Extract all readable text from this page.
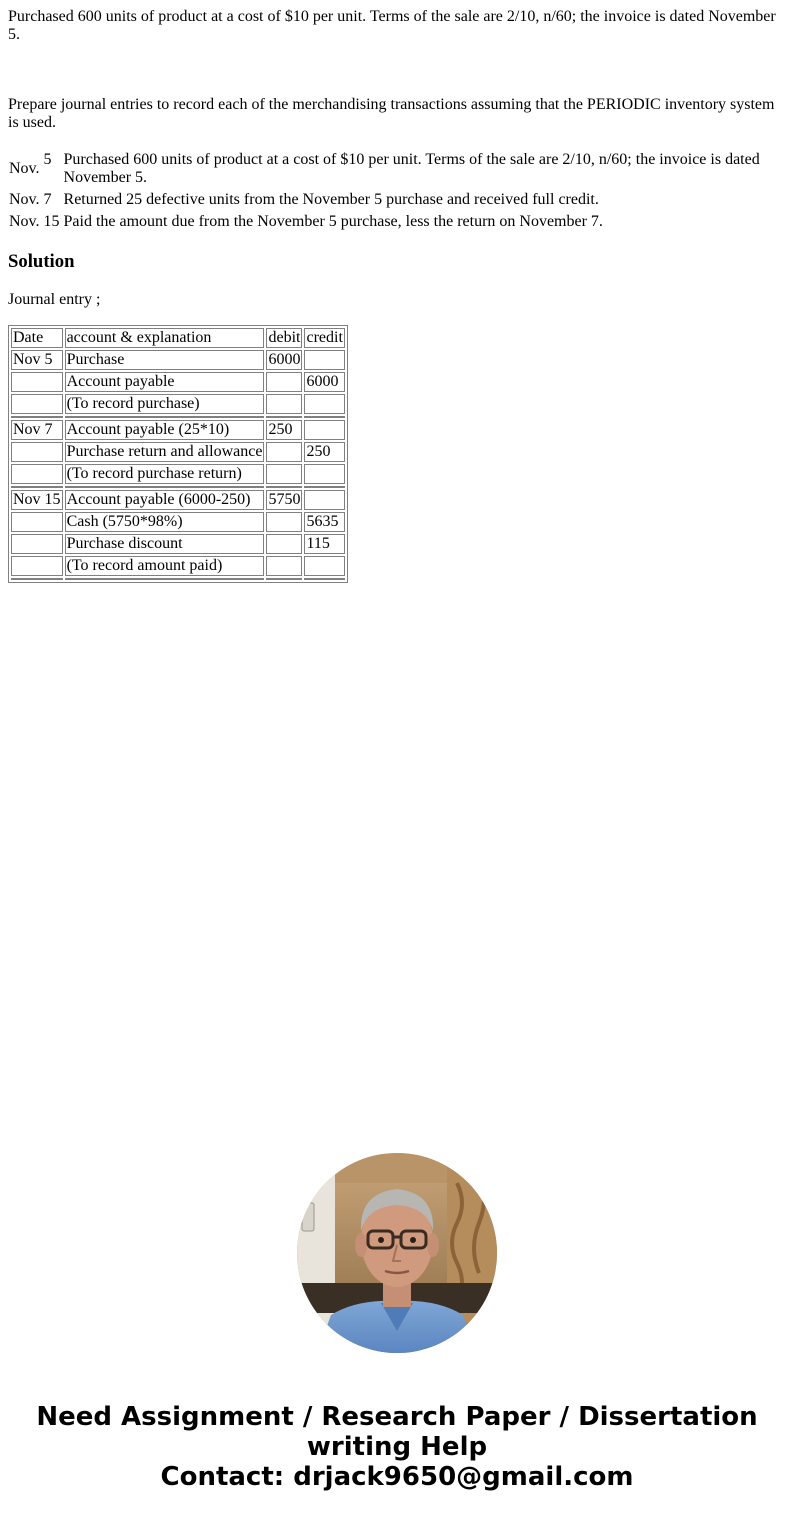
Purchased 600 units of product at a cost of $10 per unit. Terms of the sale are 2/10, n/60; the invoice is dated November 5.

Prepare journal entries to record each of the merchandising transactions assuming that the PERIODIC inventory system is used.

Nov.	5	Purchased 600 units of product at a cost of $10 per unit. Terms of the sale are 2/10, n/60; the invoice is dated November 5.
Nov.	7	Returned 25 defective units from the November 5 purchase and received full credit.
Nov.	15	Paid the amount due from the November 5 purchase, less the return on November 7.
Solution

Journal entry ;

Date	account & explanation	debit	credit
Nov 5	Purchase	6000	
	Account payable		6000
	(To record purchase)		

Nov 7	Account payable (25*10)	250	
	Purchase return and allowance		250
	(To record purchase return)		

Nov 15	Account payable (6000-250)	5750	
	Cash (5750*98%)		5635
	Purchase discount		115
	(To record amount paid)		

Need Assignment / Research Paper / Dissertation
writing Help
Contact: drjack9650@gmail.com
